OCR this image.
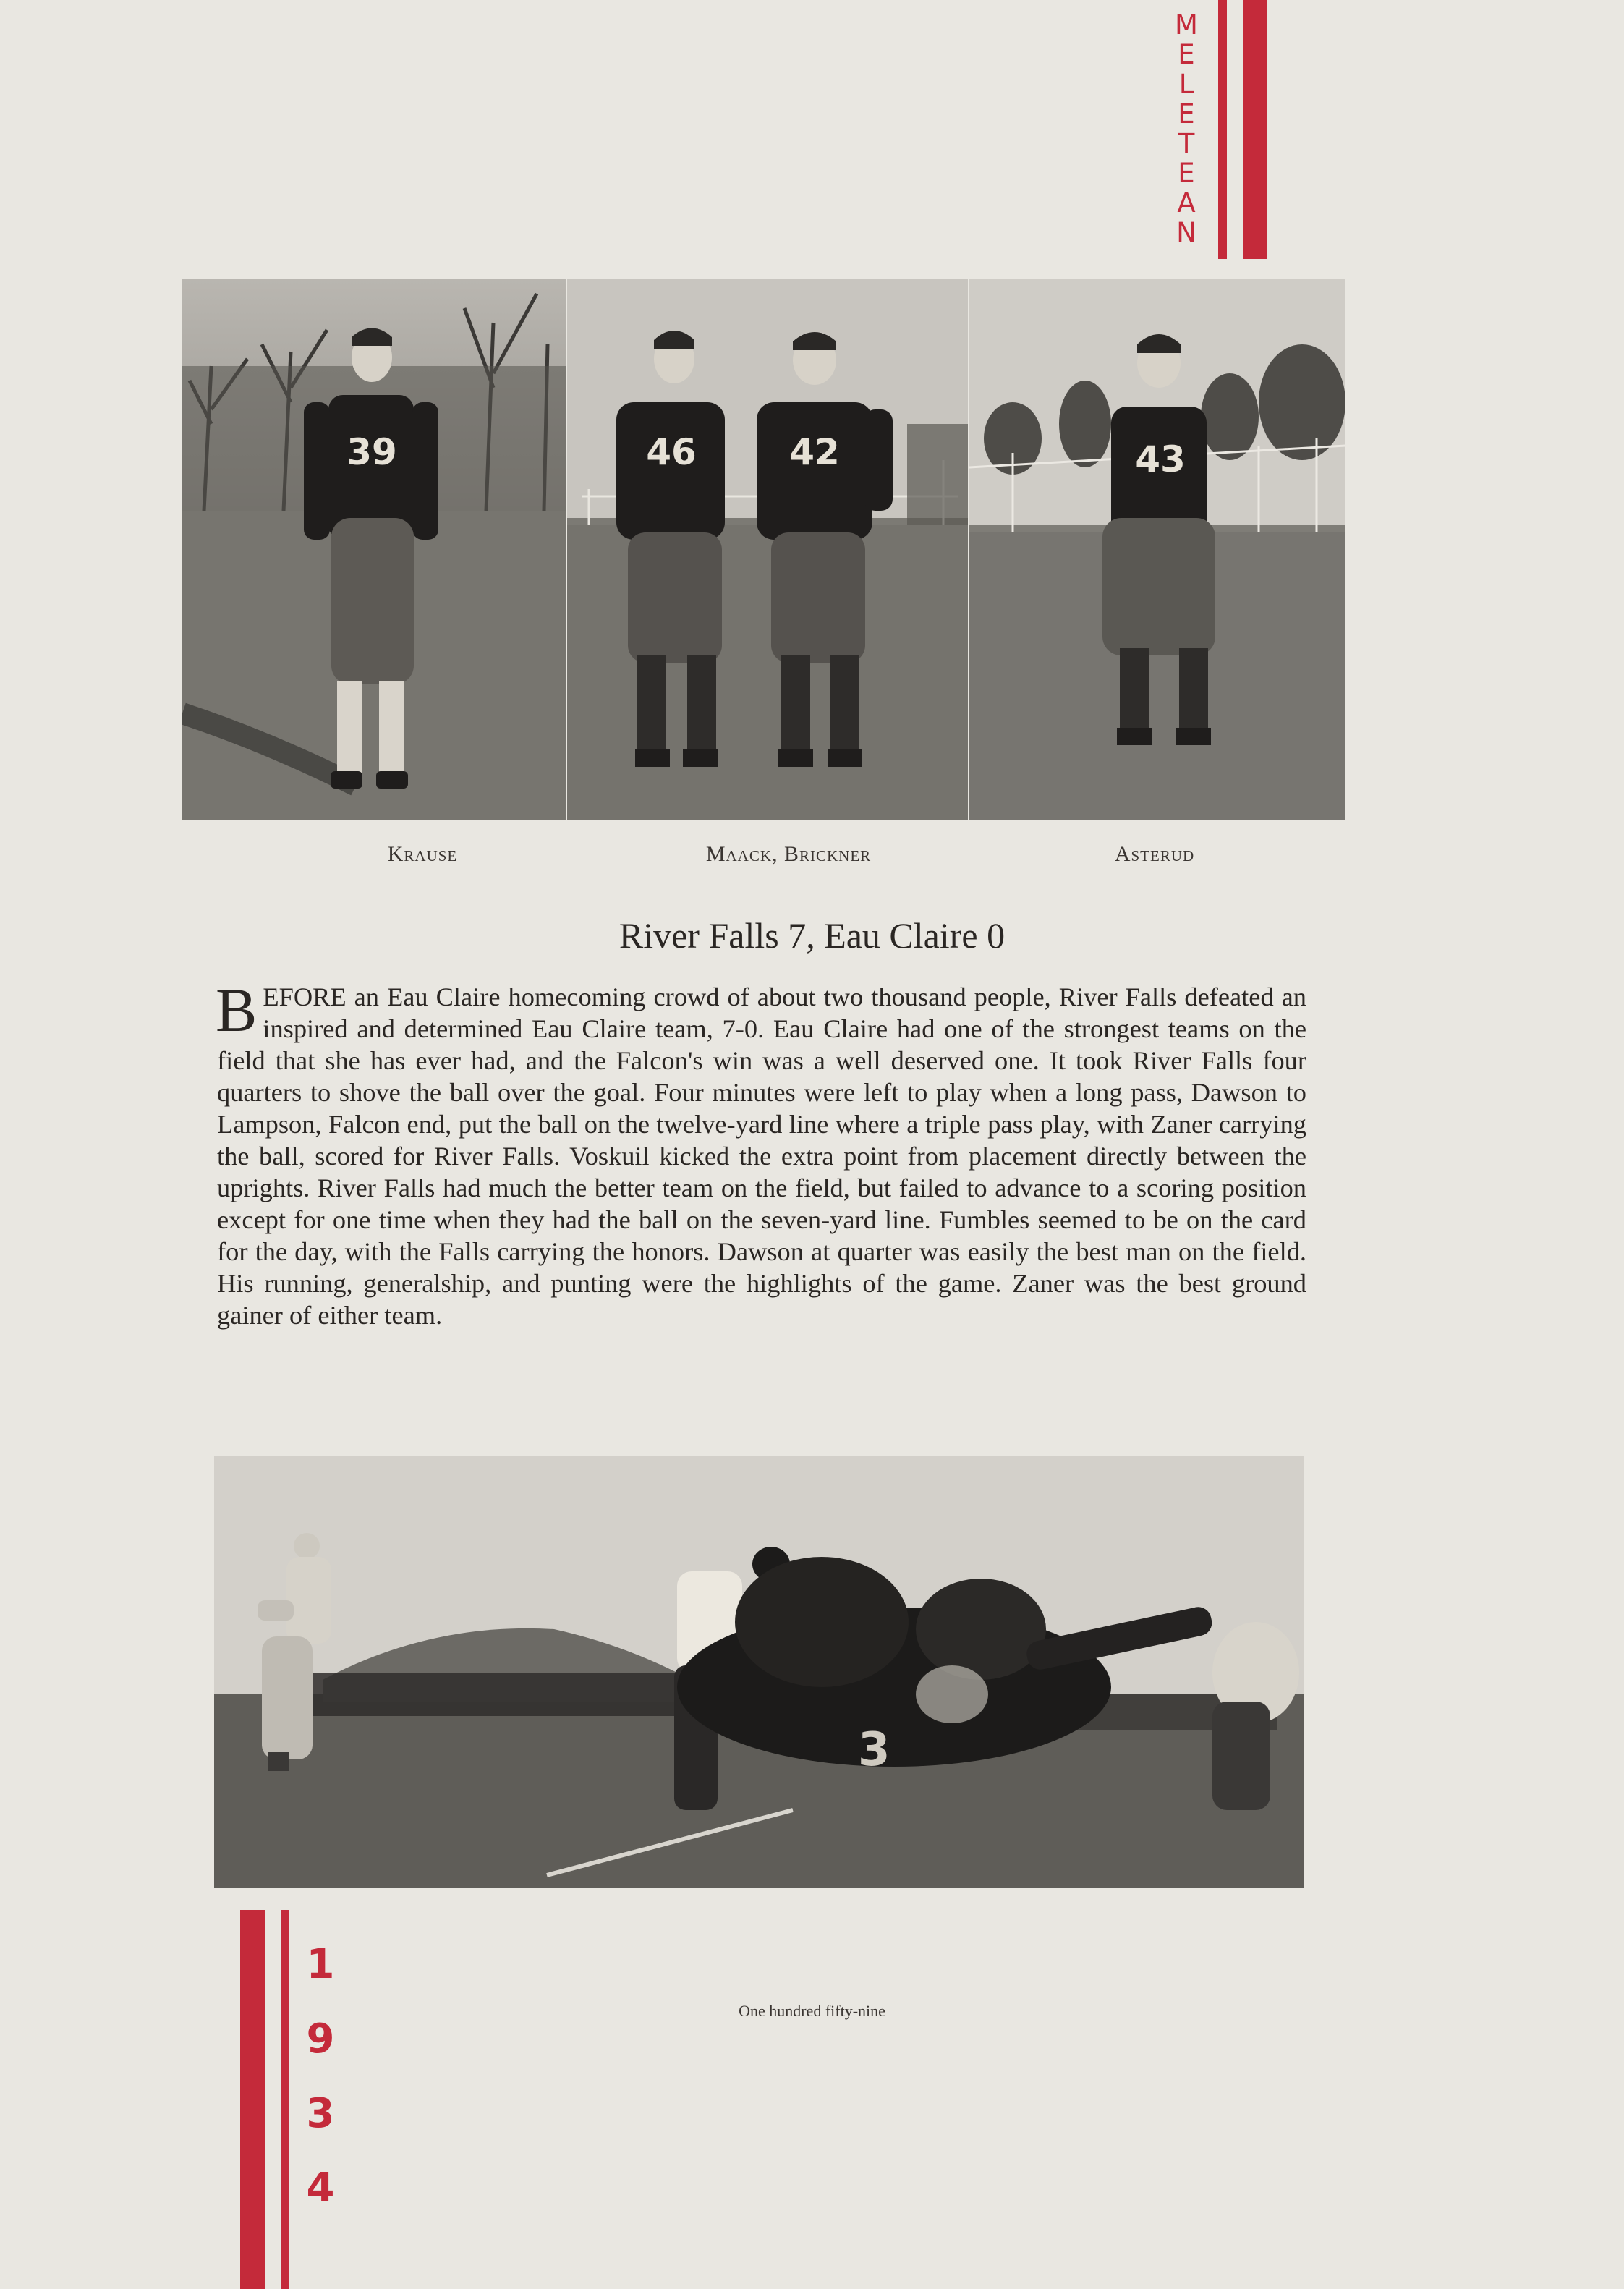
M
E
L
E
T
E
A
N
39	46	42	43
Krause	Maack, Brickner	Asterud
River Falls 7, Eau Claire 0
B EFORE an Eau Claire homecoming crowd of about two thousand people, River Falls defeated an inspired and determined Eau Claire team, 7-0. Eau Claire had one of the strongest teams on the field that she has ever had, and the Falcon's win was a well deserved one. It took River Falls four quarters to shove the ball over the goal. Four minutes were left to play when a long pass, Dawson to Lampson, Falcon end, put the ball on the twelve-yard line where a triple pass play, with Zaner carrying the ball, scored for River Falls. Voskuil kicked the extra point from placement directly between the uprights. River Falls had much the better team on the field, but failed to advance to a scoring position except for one time when they had the ball on the seven-yard line. Fumbles seemed to be on the card for the day, with the Falls carrying the honors. Dawson at quarter was easily the best man on the field. His running, generalship, and punting were the highlights of the game. Zaner was the best ground gainer of either team.
3
1
9
3
4
One hundred fifty-nine
